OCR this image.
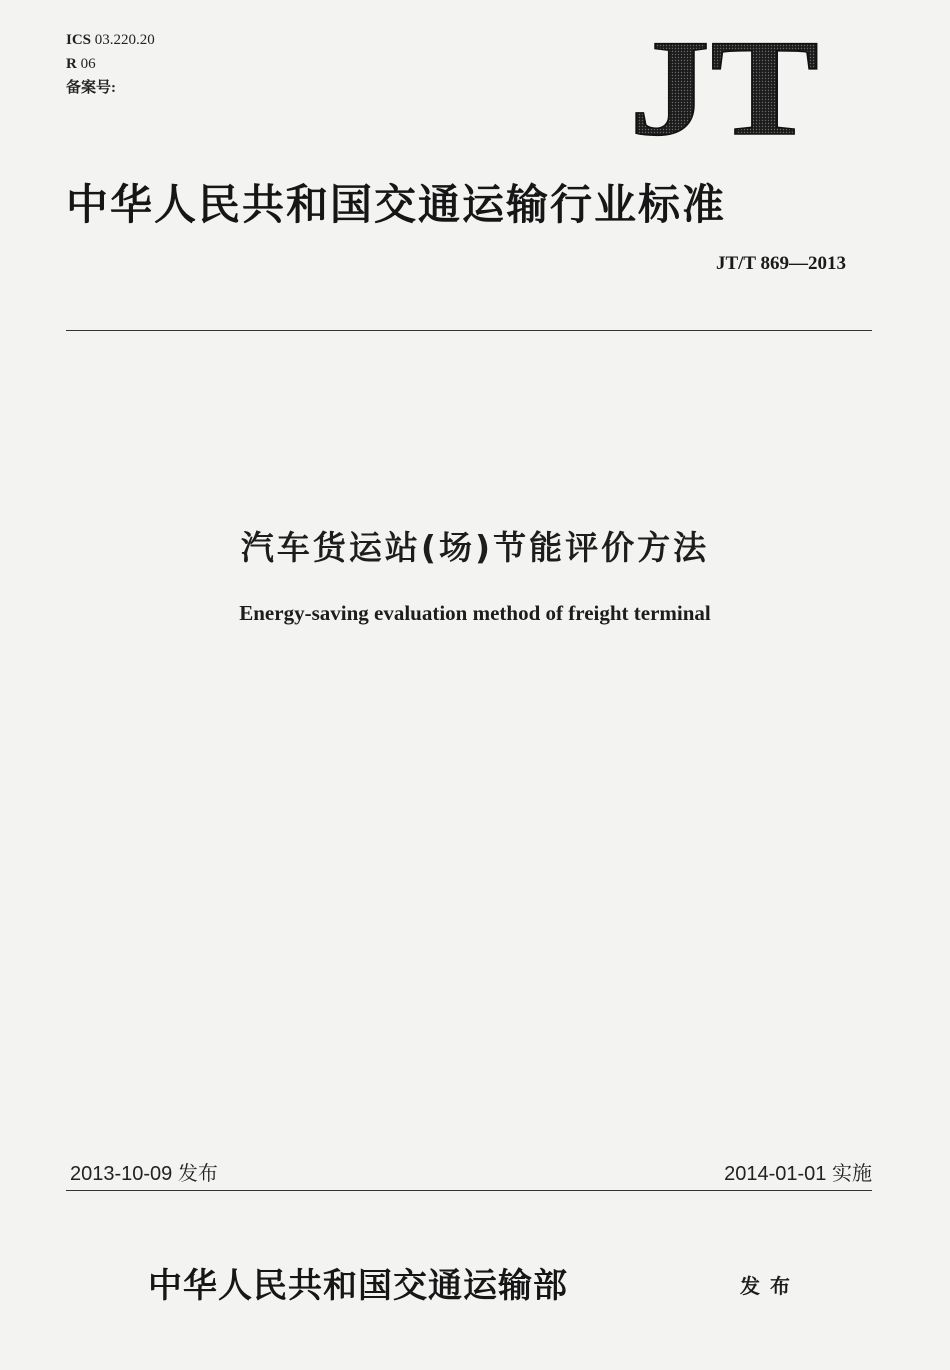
ICS 03.220.20
R 06
备案号:	JT
中华人民共和国交通运输行业标准
JT/T 869—2013
汽车货运站(场)节能评价方法
Energy-saving evaluation method of freight terminal
2013-10-09 发布	2014-01-01 实施
中华人民共和国交通运输部	发布
